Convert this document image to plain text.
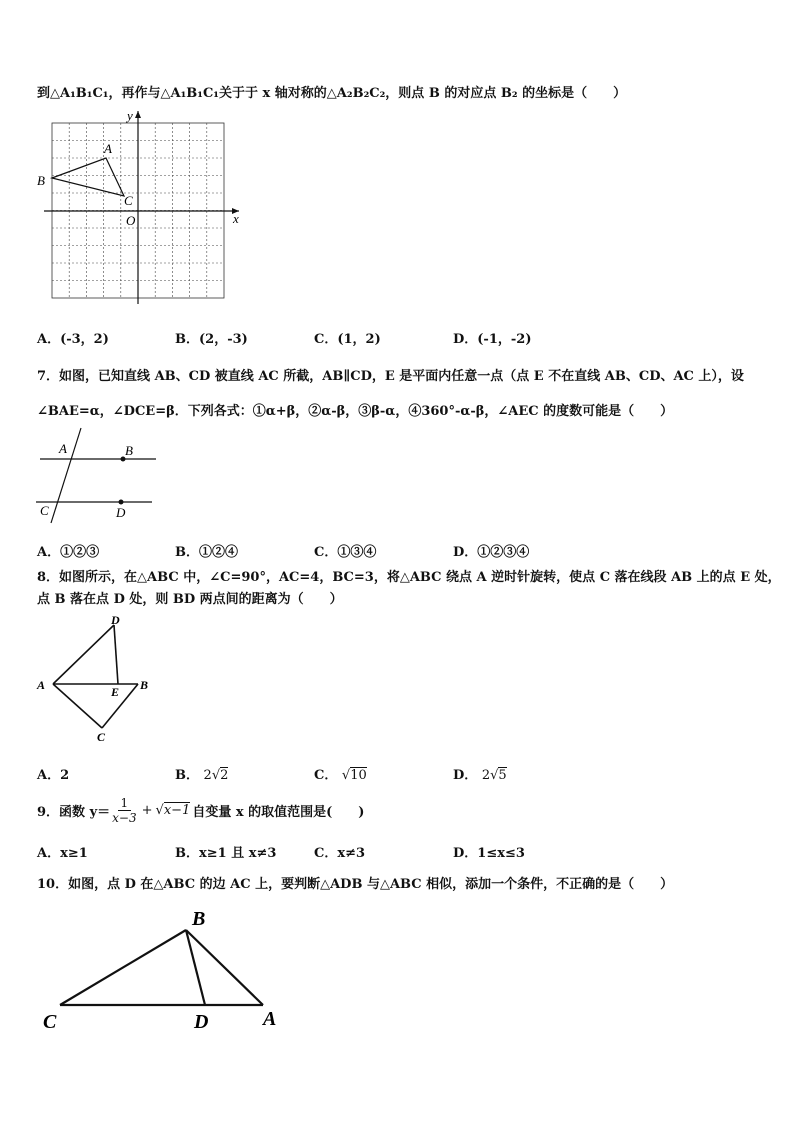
到△A₁B₁C₁，再作与△A₁B₁C₁关于于 x 轴对称的△A₂B₂C₂，则点 B 的对应点 B₂ 的坐标是（　　）
y
x
O
A
B
C
A．(-3，2)	B．(2，-3)	C．(1，2)	D．(-1，-2)
7．如图，已知直线 AB、CD 被直线 AC 所截，AB∥CD，E 是平面内任意一点（点 E 不在直线 AB、CD、AC 上），设
∠BAE=α，∠DCE=β．下列各式：①α+β，②α-β，③β-α，④360°-α-β，∠AEC 的度数可能是（　　）
A	B
C	D
A．①②③	B．①②④	C．①③④	D．①②③④
8．如图所示，在△ABC 中，∠C=90°，AC=4，BC=3，将△ABC 绕点 A 逆时针旋转，使点 C 落在线段 AB 上的点 E 处，
点 B 落在点 D 处，则 BD 两点间的距离为（　　）
D
A	E B
C
A．2	B． 2√2	C． √10	D． 2√5
9．函数 y＝
1
x−3 + √x−1 自变量 x 的取值范围是(　　)
A．x≥1	B．x≥1 且 x≠3	C．x≠3	D．1≤x≤3
10．如图，点 D 在△ABC 的边 AC 上，要判断△ADB 与△ABC 相似，添加一个条件，不正确的是（　　）
B
C	D	A
